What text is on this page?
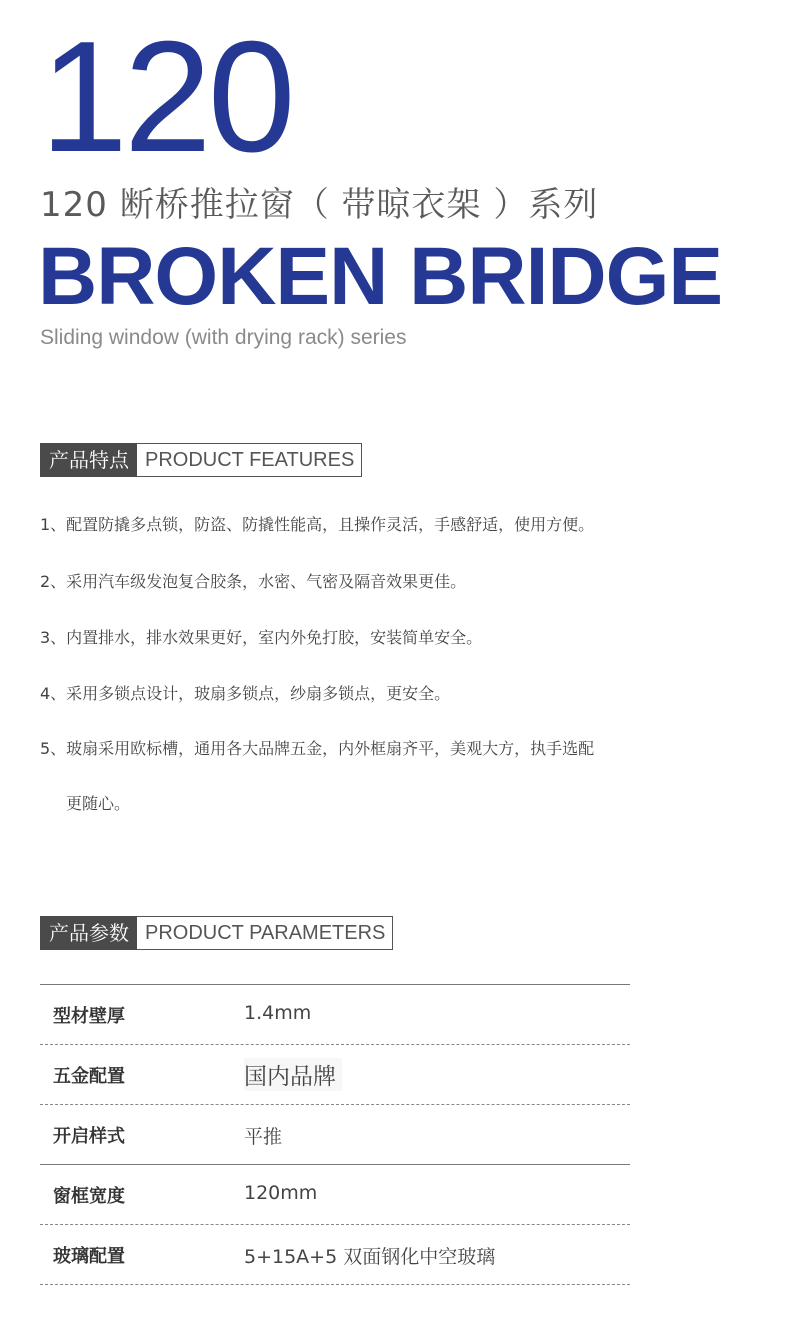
120
120 断桥推拉窗（ 带晾衣架 ）系列
BROKEN BRIDGE
Sliding window (with drying rack) series
产品特点 PRODUCT FEATURES
1、配置防撬多点锁，防盗、防撬性能高，且操作灵活，手感舒适，使用方便。
2、采用汽车级发泡复合胶条，水密、气密及隔音效果更佳。
3、内置排水，排水效果更好，室内外免打胶，安装简单安全。
4、采用多锁点设计，玻扇多锁点，纱扇多锁点，更安全。
5、玻扇采用欧标槽，通用各大品牌五金，内外框扇齐平，美观大方，执手选配
更随心。
产品参数 PRODUCT PARAMETERS
型材壁厚	1.4mm
五金配置	国内品牌
开启样式	平推
窗框宽度	120mm
玻璃配置	5+15A+5 双面钢化中空玻璃
